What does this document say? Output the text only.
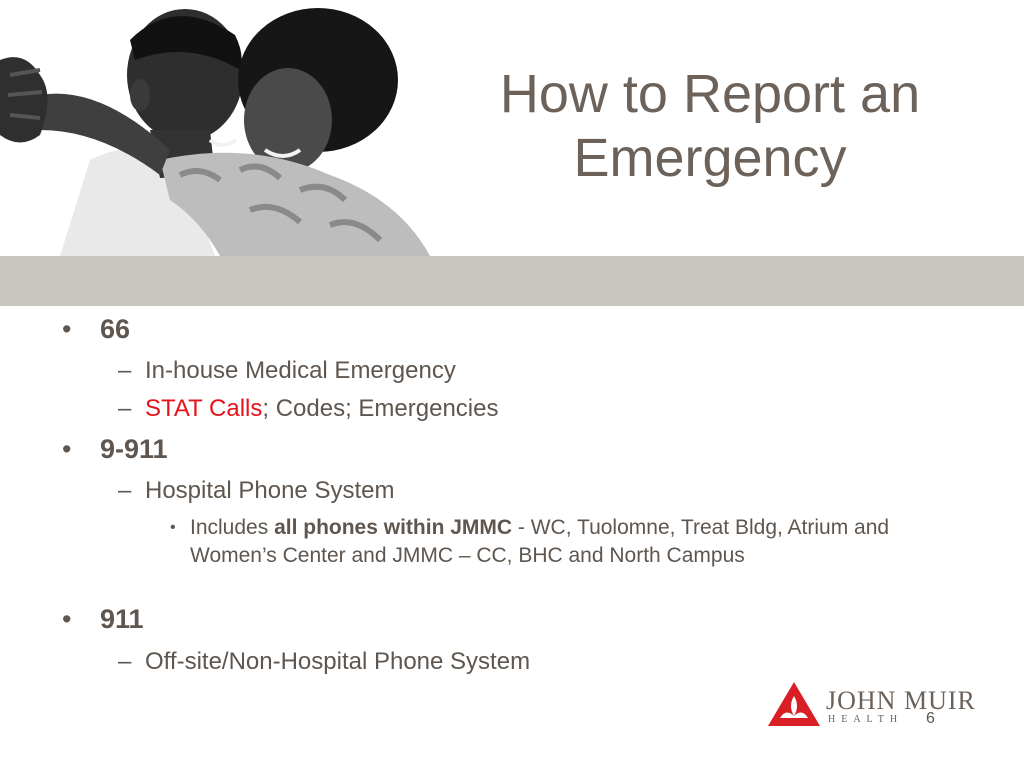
How to Report an Emergency
• 66
– In-house Medical Emergency
– STAT Calls; Codes; Emergencies
• 9-911
– Hospital Phone System
• Includes all phones within JMMC - WC, Tuolomne, Treat Bldg, Atrium and Women’s Center and JMMC – CC, BHC and North Campus
• 911
– Off-site/Non-Hospital Phone System
JOHN MUIR
HEALTH 6
